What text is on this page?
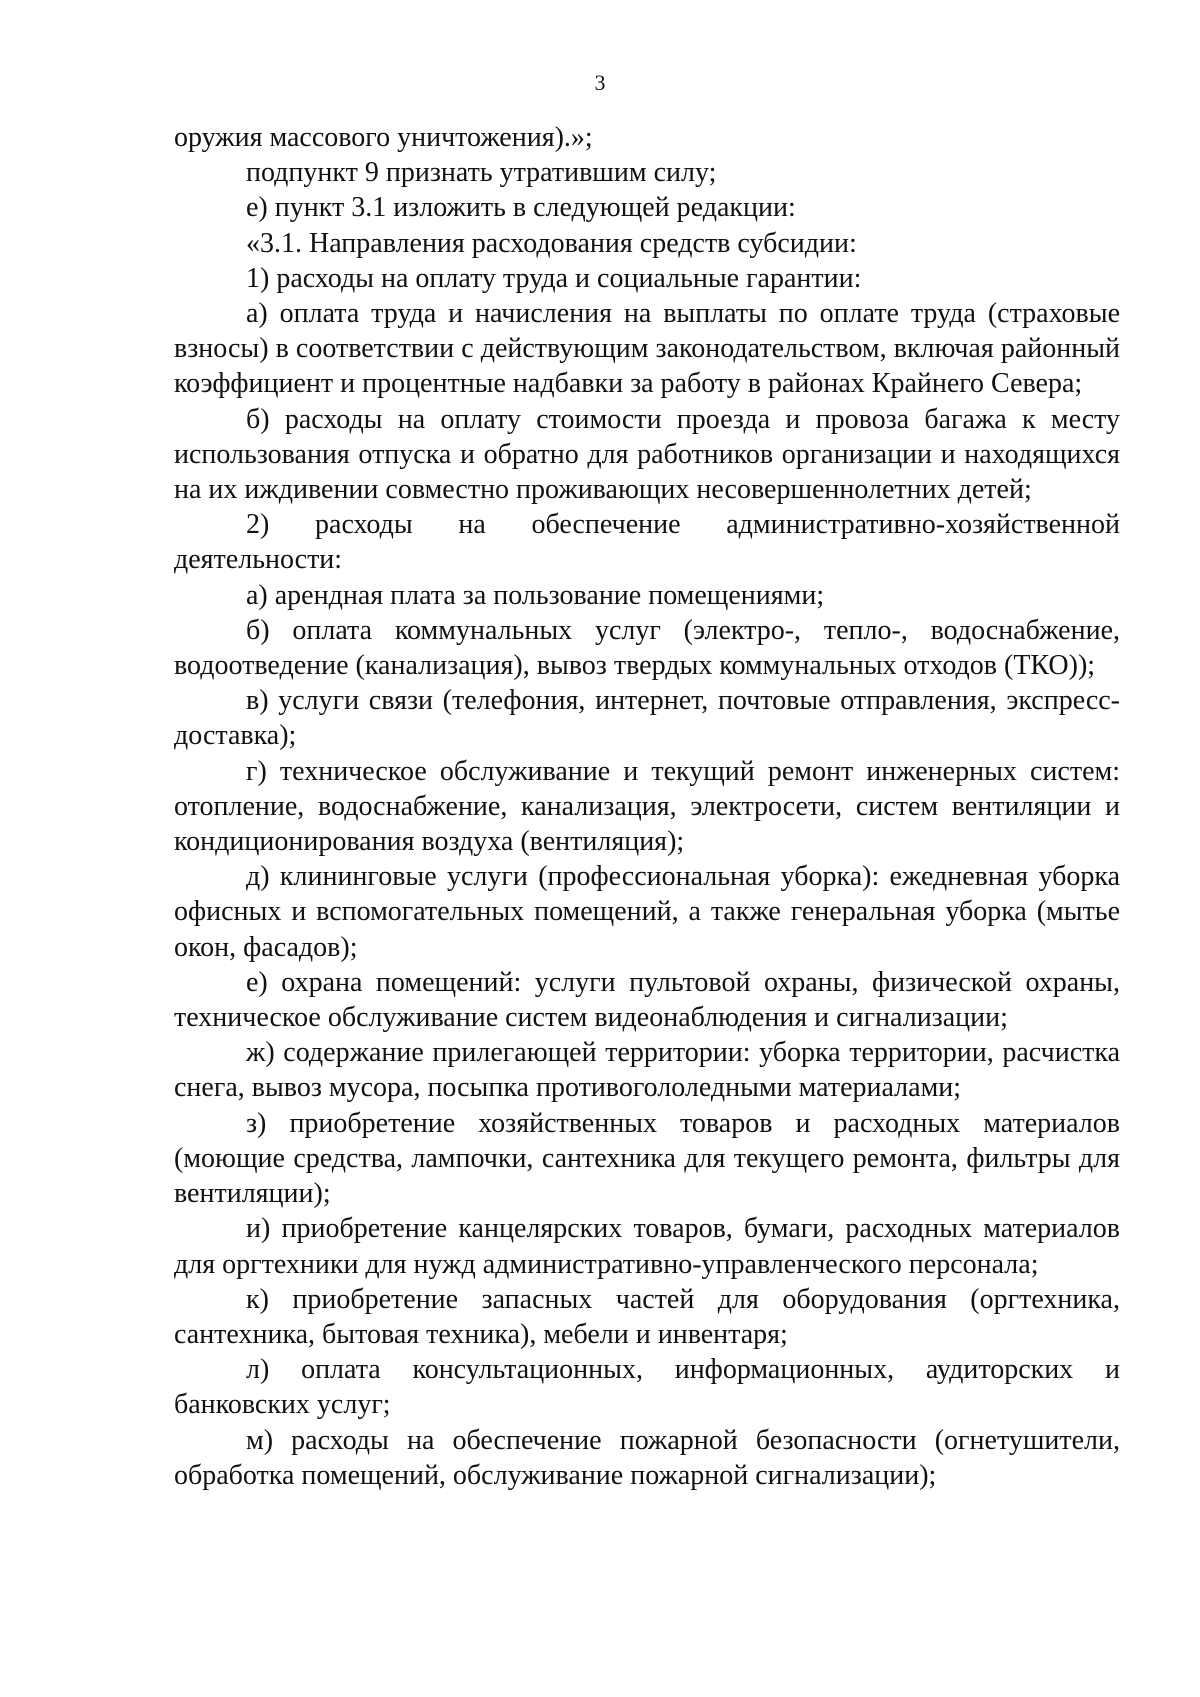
3

оружия массового уничтожения).»;

подпункт 9 признать утратившим силу;

е) пункт 3.1 изложить в следующей редакции:

«3.1. Направления расходования средств субсидии:

1) расходы на оплату труда и социальные гарантии:

а) оплата труда и начисления на выплаты по оплате труда (страховые взносы) в соответствии с действующим законодательством, включая районный коэффициент и процентные надбавки за работу в районах Крайнего Севера;

б) расходы на оплату стоимости проезда и провоза багажа к месту использования отпуска и обратно для работников организации и находящихся на их иждивении совместно проживающих несовершеннолетних детей;

2) расходы на обеспечение административно-хозяйственной деятельности:

а) арендная плата за пользование помещениями;

б) оплата коммунальных услуг (электро-, тепло-, водоснабжение, водоотведение (канализация), вывоз твердых коммунальных отходов (ТКО));

в) услуги связи (телефония, интернет, почтовые отправления, экспресс-доставка);

г) техническое обслуживание и текущий ремонт инженерных систем: отопление, водоснабжение, канализация, электросети, систем вентиляции и кондиционирования воздуха (вентиляция);

д) клининговые услуги (профессиональная уборка): ежедневная уборка офисных и вспомогательных помещений, а также генеральная уборка (мытье окон, фасадов);

е) охрана помещений: услуги пультовой охраны, физической охраны, техническое обслуживание систем видеонаблюдения и сигнализации;

ж) содержание прилегающей территории: уборка территории, расчистка снега, вывоз мусора, посыпка противогололедными материалами;

з) приобретение хозяйственных товаров и расходных материалов (моющие средства, лампочки, сантехника для текущего ремонта, фильтры для вентиляции);

и) приобретение канцелярских товаров, бумаги, расходных материалов для оргтехники для нужд административно-управленческого персонала;

к) приобретение запасных частей для оборудования (оргтехника, сантехника, бытовая техника), мебели и инвентаря;

л) оплата консультационных, информационных, аудиторских и банковских услуг;

м) расходы на обеспечение пожарной безопасности (огнетушители, обработка помещений, обслуживание пожарной сигнализации);
